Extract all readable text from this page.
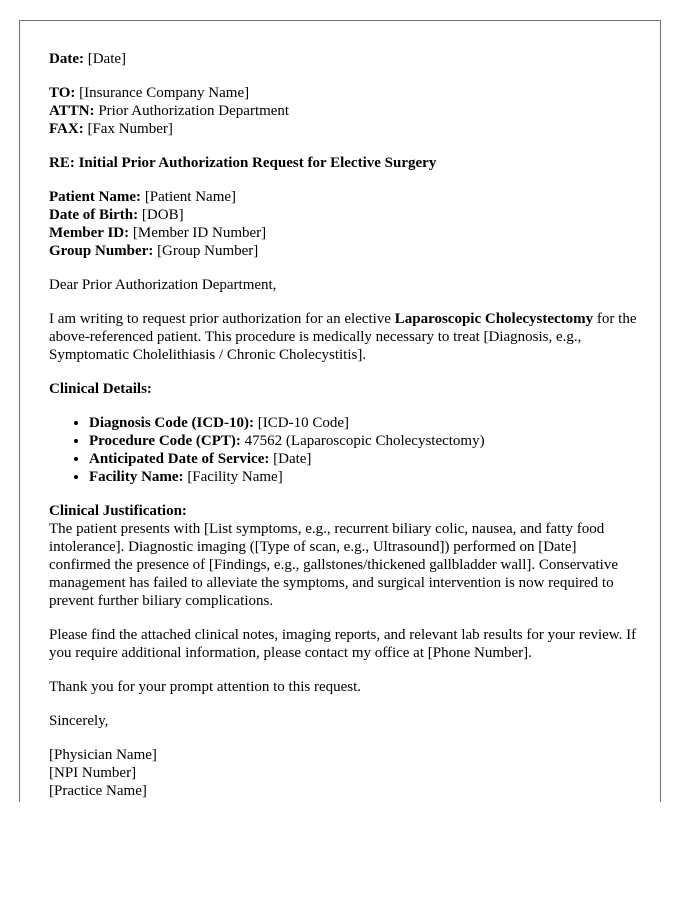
Date: [Date]

TO: [Insurance Company Name]
ATTN: Prior Authorization Department
FAX: [Fax Number]

RE: Initial Prior Authorization Request for Elective Surgery

Patient Name: [Patient Name]
Date of Birth: [DOB]
Member ID: [Member ID Number]
Group Number: [Group Number]

Dear Prior Authorization Department,

I am writing to request prior authorization for an elective Laparoscopic Cholecystectomy for the above-referenced patient. This procedure is medically necessary to treat [Diagnosis, e.g., Symptomatic Cholelithiasis / Chronic Cholecystitis].

Clinical Details:

• Diagnosis Code (ICD-10): [ICD-10 Code]
• Procedure Code (CPT): 47562 (Laparoscopic Cholecystectomy)
• Anticipated Date of Service: [Date]
• Facility Name: [Facility Name]

Clinical Justification:
The patient presents with [List symptoms, e.g., recurrent biliary colic, nausea, and fatty food intolerance]. Diagnostic imaging ([Type of scan, e.g., Ultrasound]) performed on [Date] confirmed the presence of [Findings, e.g., gallstones/thickened gallbladder wall]. Conservative management has failed to alleviate the symptoms, and surgical intervention is now required to prevent further biliary complications.

Please find the attached clinical notes, imaging reports, and relevant lab results for your review. If you require additional information, please contact my office at [Phone Number].

Thank you for your prompt attention to this request.

Sincerely,

[Physician Name]
[NPI Number]
[Practice Name]
